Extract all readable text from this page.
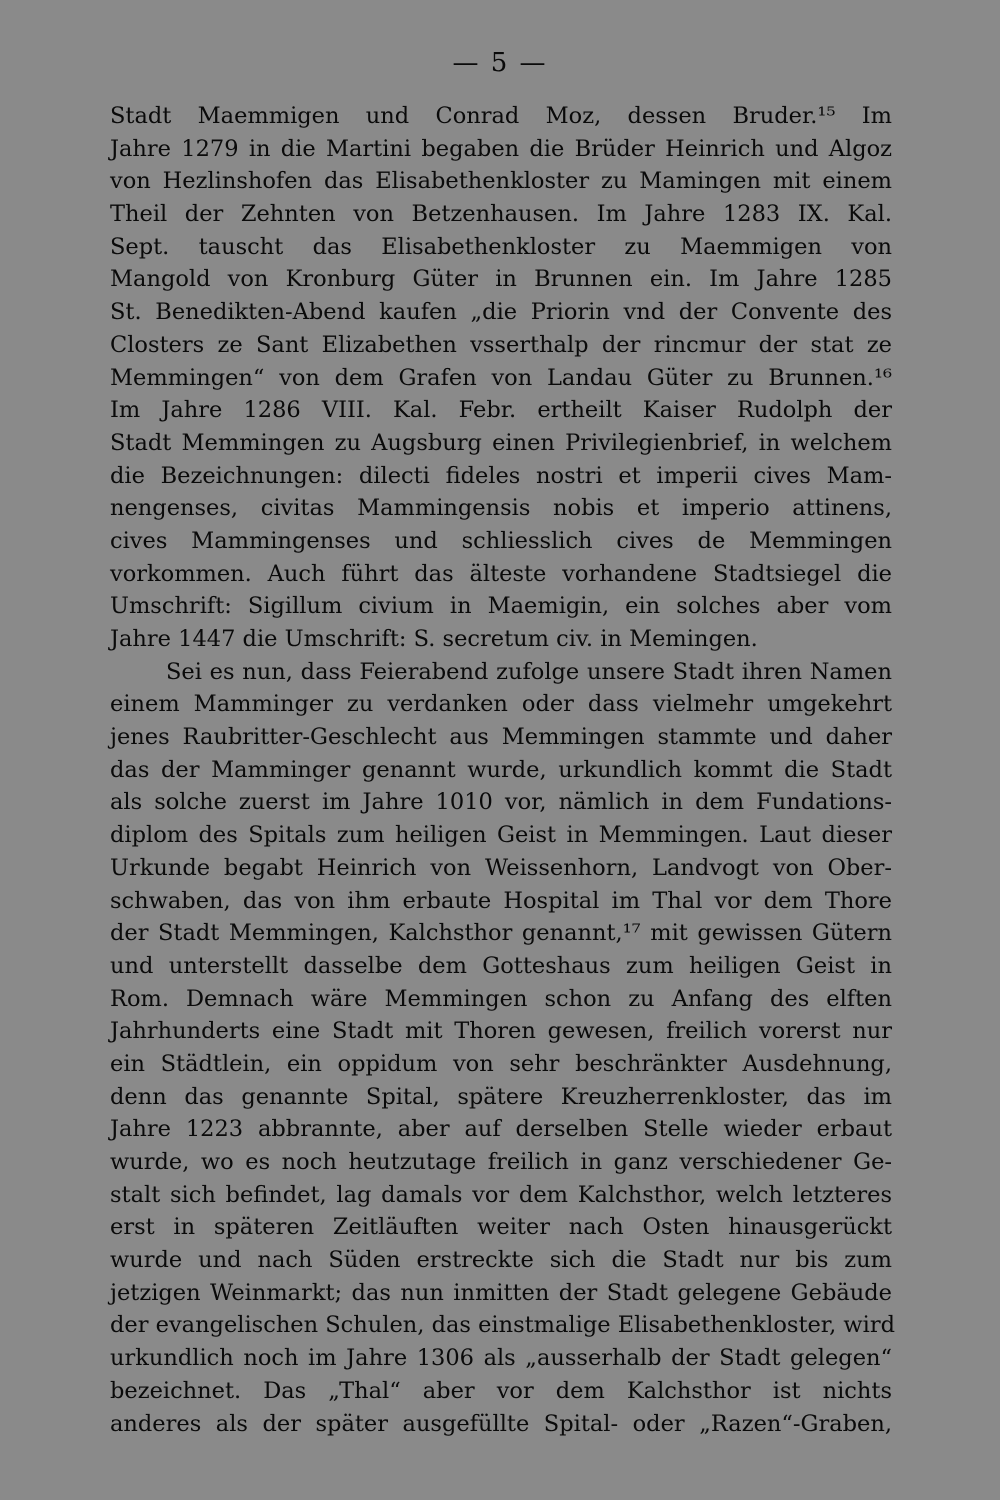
— 5 —
Stadt Maemmigen und Conrad Moz, dessen Bruder.¹⁵ Im
Jahre 1279 in die Martini begaben die Brüder Heinrich und Algoz
von Hezlinshofen das Elisabethenkloster zu Mamingen mit einem
Theil der Zehnten von Betzenhausen. Im Jahre 1283 IX. Kal.
Sept. tauscht das Elisabethenkloster zu Maemmigen von
Mangold von Kronburg Güter in Brunnen ein. Im Jahre 1285
St. Benedikten-Abend kaufen „die Priorin vnd der Convente des
Closters ze Sant Elizabethen vsserthalp der rincmur der stat ze
Memmingen“ von dem Grafen von Landau Güter zu Brunnen.¹⁶
Im Jahre 1286 VIII. Kal. Febr. ertheilt Kaiser Rudolph der
Stadt Memmingen zu Augsburg einen Privilegienbrief, in welchem
die Bezeichnungen: dilecti fideles nostri et imperii cives Mam-
nengenses, civitas Mammingensis nobis et imperio attinens,
cives Mammingenses und schliesslich cives de Memmingen
vorkommen. Auch führt das älteste vorhandene Stadtsiegel die
Umschrift: Sigillum civium in Maemigin, ein solches aber vom
Jahre 1447 die Umschrift: S. secretum civ. in Memingen.
Sei es nun, dass Feierabend zufolge unsere Stadt ihren Namen
einem Mamminger zu verdanken oder dass vielmehr umgekehrt
jenes Raubritter-Geschlecht aus Memmingen stammte und daher
das der Mamminger genannt wurde, urkundlich kommt die Stadt
als solche zuerst im Jahre 1010 vor, nämlich in dem Fundations-
diplom des Spitals zum heiligen Geist in Memmingen. Laut dieser
Urkunde begabt Heinrich von Weissenhorn, Landvogt von Ober-
schwaben, das von ihm erbaute Hospital im Thal vor dem Thore
der Stadt Memmingen, Kalchsthor genannt,¹⁷ mit gewissen Gütern
und unterstellt dasselbe dem Gotteshaus zum heiligen Geist in
Rom. Demnach wäre Memmingen schon zu Anfang des elften
Jahrhunderts eine Stadt mit Thoren gewesen, freilich vorerst nur
ein Städtlein, ein oppidum von sehr beschränkter Ausdehnung,
denn das genannte Spital, spätere Kreuzherrenkloster, das im
Jahre 1223 abbrannte, aber auf derselben Stelle wieder erbaut
wurde, wo es noch heutzutage freilich in ganz verschiedener Ge-
stalt sich befindet, lag damals vor dem Kalchsthor, welch letzteres
erst in späteren Zeitläuften weiter nach Osten hinausgerückt
wurde und nach Süden erstreckte sich die Stadt nur bis zum
jetzigen Weinmarkt; das nun inmitten der Stadt gelegene Gebäude
der evangelischen Schulen, das einstmalige Elisabethenkloster, wird
urkundlich noch im Jahre 1306 als „ausserhalb der Stadt gelegen“
bezeichnet. Das „Thal“ aber vor dem Kalchsthor ist nichts
anderes als der später ausgefüllte Spital- oder „Razen“-Graben,
